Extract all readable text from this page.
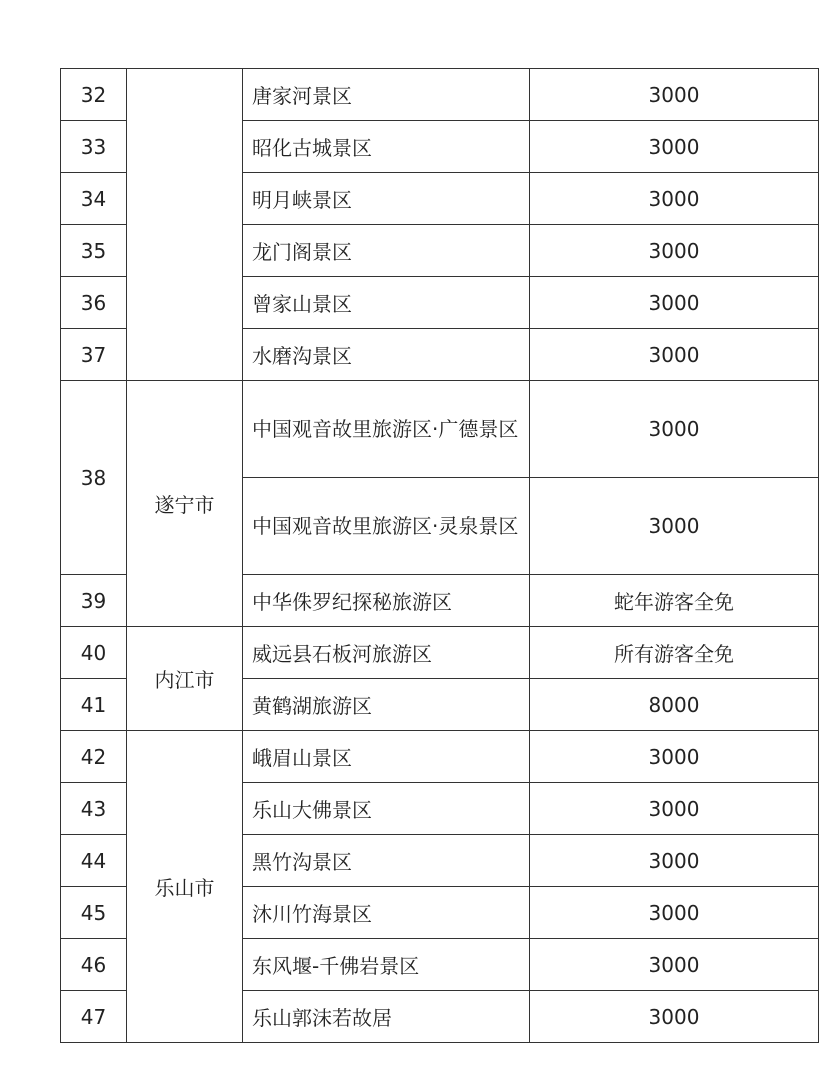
32		唐家河景区	3000
33		昭化古城景区	3000
34		明月峡景区	3000
35		龙门阁景区	3000
36		曾家山景区	3000
37		水磨沟景区	3000
38	遂宁市	中国观音故里旅游区·广德景区	3000

		中国观音故里旅游区·灵泉景区	3000
39		中华侏罗纪探秘旅游区	蛇年游客全免
40	内江市	威远县石板河旅游区	所有游客全免
41		黄鹤湖旅游区	8000
42	乐山市	峨眉山景区	3000
43		乐山大佛景区	3000
44		黑竹沟景区	3000
45		沐川竹海景区	3000
46		东风堰-千佛岩景区	3000
47		乐山郭沫若故居	3000
